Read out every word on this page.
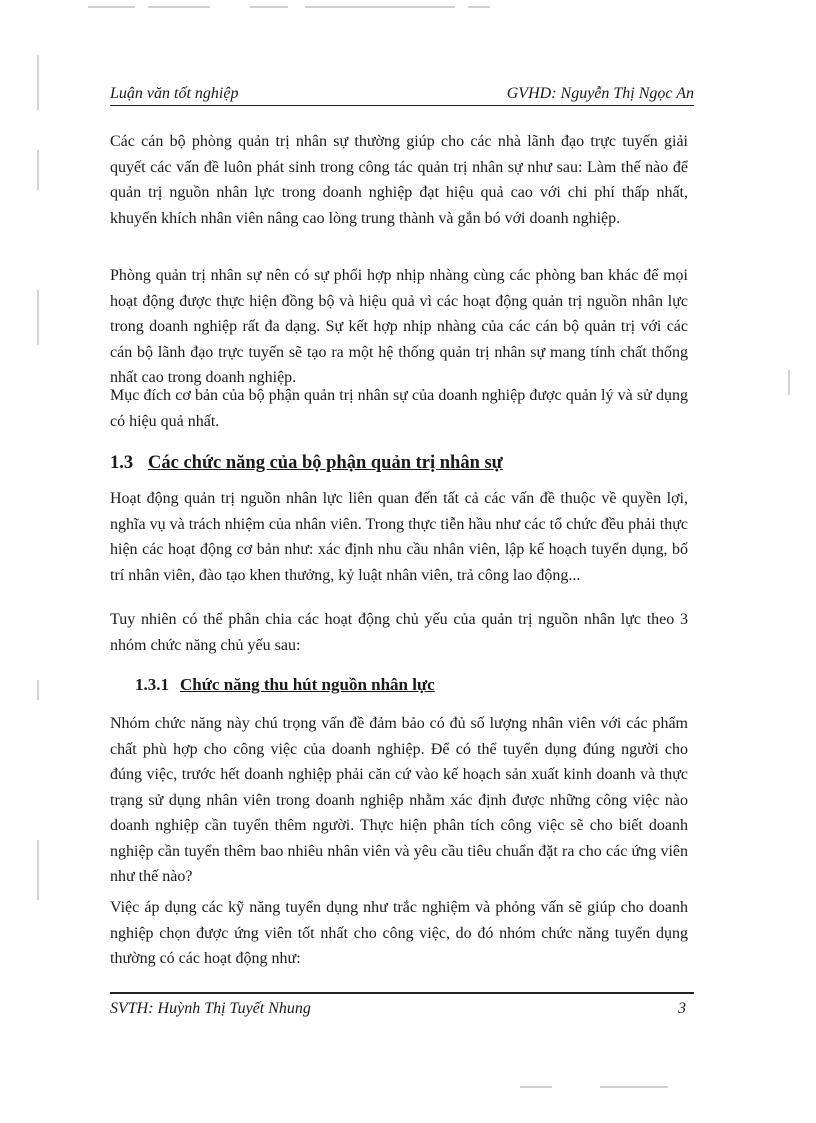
Luận văn tốt nghiệp	GVHD: Nguyễn Thị Ngọc An

Các cán bộ phòng quản trị nhân sự thường giúp cho các nhà lãnh đạo trực tuyến giải quyết các vấn đề luôn phát sinh trong công tác quản trị nhân sự như sau: Làm thế nào để quản trị nguồn nhân lực trong doanh nghiệp đạt hiệu quả cao với chi phí thấp nhất, khuyến khích nhân viên nâng cao lòng trung thành và gắn bó với doanh nghiệp.

Phòng quản trị nhân sự nên có sự phối hợp nhịp nhàng cùng các phòng ban khác để mọi hoạt động được thực hiện đồng bộ và hiệu quả vì các hoạt động quản trị nguồn nhân lực trong doanh nghiệp rất đa dạng. Sự kết hợp nhịp nhàng của các cán bộ quản trị với các cán bộ lãnh đạo trực tuyến sẽ tạo ra một hệ thống quản trị nhân sự mang tính chất thống nhất cao trong doanh nghiệp.

Mục đích cơ bản của bộ phận quản trị nhân sự của doanh nghiệp được quản lý và sử dụng có hiệu quả nhất.

1.3 Các chức năng của bộ phận quản trị nhân sự

Hoạt động quản trị nguồn nhân lực liên quan đến tất cả các vấn đề thuộc về quyền lợi, nghĩa vụ và trách nhiệm của nhân viên. Trong thực tiễn hầu như các tổ chức đều phải thực hiện các hoạt động cơ bản như: xác định nhu cầu nhân viên, lập kế hoạch tuyển dụng, bố trí nhân viên, đào tạo khen thưởng, kỷ luật nhân viên, trả công lao động...

Tuy nhiên có thể phân chia các hoạt động chủ yếu của quản trị nguồn nhân lực theo 3 nhóm chức năng chủ yếu sau:

1.3.1 Chức năng thu hút nguồn nhân lực

Nhóm chức năng này chú trọng vấn đề đảm bảo có đủ số lượng nhân viên với các phẩm chất phù hợp cho công việc của doanh nghiệp. Để có thể tuyển dụng đúng người cho đúng việc, trước hết doanh nghiệp phải căn cứ vào kế hoạch sản xuất kinh doanh và thực trạng sử dụng nhân viên trong doanh nghiệp nhằm xác định được những công việc nào doanh nghiệp cần tuyển thêm người. Thực hiện phân tích công việc sẽ cho biết doanh nghiệp cần tuyển thêm bao nhiêu nhân viên và yêu cầu tiêu chuẩn đặt ra cho các ứng viên như thế nào?

Việc áp dụng các kỹ năng tuyển dụng như trắc nghiệm và phỏng vấn sẽ giúp cho doanh nghiệp chọn được ứng viên tốt nhất cho công việc, do đó nhóm chức năng tuyển dụng thường có các hoạt động như:

SVTH: Huỳnh Thị Tuyết Nhung	3
